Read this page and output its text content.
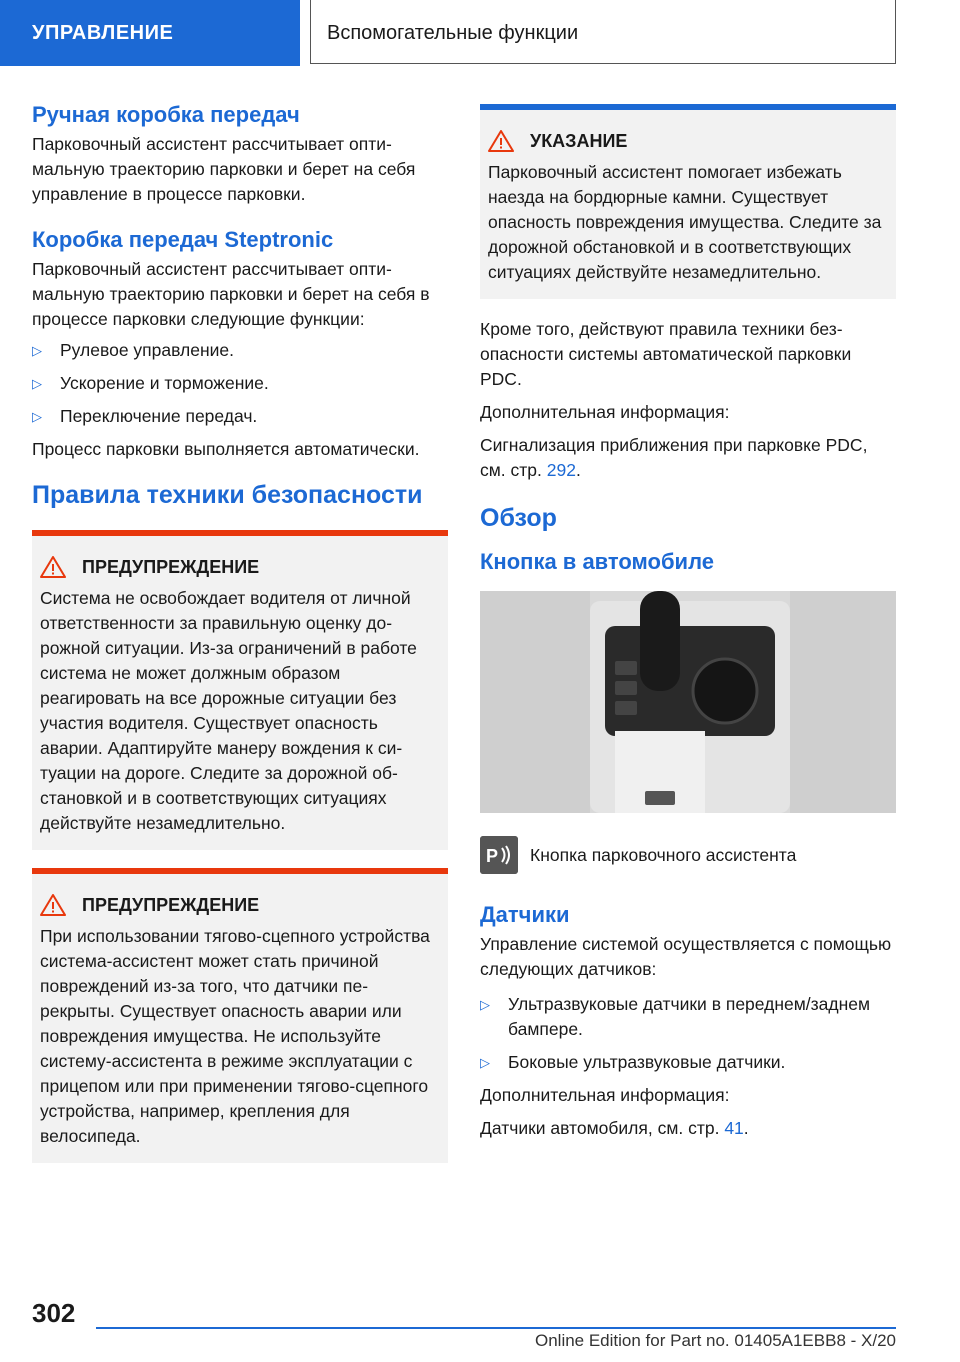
УПРАВЛЕНИЕ	Вспомогательные функции
Ручная коробка передач

Парковочный ассистент рассчитывает оптимальную траекторию парковки и берет на себя управление в процессе парковки.

Коробка передач Steptronic

Парковочный ассистент рассчитывает оптимальную траекторию парковки и берет на себя в процессе парковки следующие функции:

▷ Рулевое управление.
▷ Ускорение и торможение.
▷ Переключение передач.

Процесс парковки выполняется автоматически.

Правила техники безопасности
ПРЕДУПРЕЖДЕНИЕ

Система не освобождает водителя от личной ответственности за правильную оценку дорожной ситуации. Из-за ограничений в работе система не может должным образом реагировать на все дорожные ситуации без участия водителя. Существует опасность аварии. Адаптируйте манеру вождения к ситуации на дороге. Следите за дорожной обстановкой и в соответствующих ситуациях действуйте незамедлительно.

ПРЕДУПРЕЖДЕНИЕ

При использовании тягово-сцепного устройства система-ассистент может стать причиной повреждений из-за того, что датчики перекрыты. Существует опасность аварии или повреждения имущества. Не используйте систему-ассистента в режиме эксплуатации с прицепом или при применении тягово-сцепного устройства, например, крепления для велосипеда.

УКАЗАНИЕ

Парковочный ассистент помогает избежать наезда на бордюрные камни. Существует опасность повреждения имущества. Следите за дорожной обстановкой и в соответствующих ситуациях действуйте незамедлительно.

Кроме того, действуют правила техники безопасности системы автоматической парковки PDC.

Дополнительная информация:

Сигнализация приближения при парковке PDC, см. стр. 292.

Обзор
Кнопка в автомобиле
P Кнопка парковочного ассистента
Датчики

Управление системой осуществляется с помощью следующих датчиков:

▷ Ультразвуковые датчики в переднем/заднем бампере.
▷ Боковые ультразвуковые датчики.

Дополнительная информация:

Датчики автомобиля, см. стр. 41.

302
Online Edition for Part no. 01405A1EBB8 - X/20
